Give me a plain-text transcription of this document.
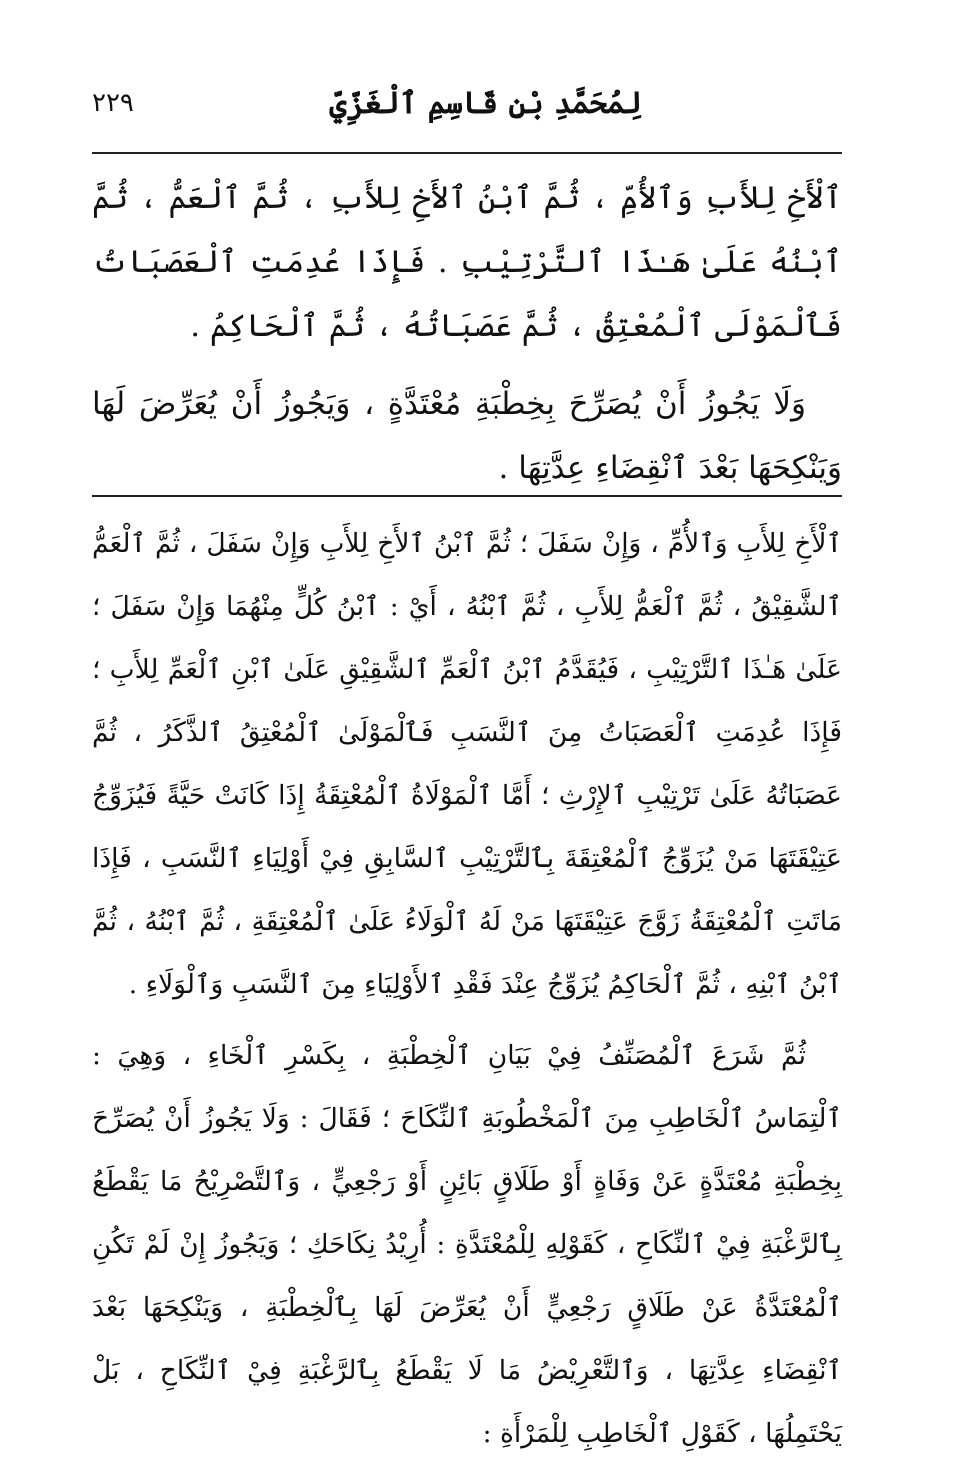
لِمُحَمَّدِ بْنِ قَاسِمِ ٱلْغَزِّيِّ
٢٢٩

ٱلْأَخِ لِلأَبِ وَٱلأُمِّ ، ثُمَّ ٱبْنُ ٱلأَخِ لِلأَبِ ، ثُمَّ ٱلْعَمُّ ، ثُمَّ ٱبْنُهُ عَلَىٰ هَـٰذَا ٱلتَّرْتِيْبِ . فَإِذَا عُدِمَتِ ٱلْعَصَبَاتُ فَٱلْمَوْلَى ٱلْمُعْتِقُ ، ثُمَّ عَصَبَاتُهُ ، ثُمَّ ٱلْحَاكِمُ .

وَلَا يَجُوزُ أَنْ يُصَرِّحَ بِخِطْبَةِ مُعْتَدَّةٍ ، وَيَجُوزُ أَنْ يُعَرِّضَ لَهَا وَيَنْكِحَهَا بَعْدَ ٱنْقِضَاءِ عِدَّتِهَا .

ٱلْأَخِ لِلأَبِ وَٱلأُمِّ ، وَإِنْ سَفَلَ ؛ ثُمَّ ٱبْنُ ٱلأَخِ لِلأَبِ وَإِنْ سَفَلَ ، ثُمَّ ٱلْعَمُّ ٱلشَّقِيْقُ ، ثُمَّ ٱلْعَمُّ لِلأَبِ ، ثُمَّ ٱبْنُهُ ، أَيْ : ٱبْنُ كُلٍّ مِنْهُمَا وَإِنْ سَفَلَ ؛ عَلَىٰ هَـٰذَا ٱلتَّرْتِيْبِ ، فَيُقَدَّمُ ٱبْنُ ٱلْعَمِّ ٱلشَّقِيْقِ عَلَىٰ ٱبْنِ ٱلْعَمِّ لِلأَبِ ؛ فَإِذَا عُدِمَتِ ٱلْعَصَبَاتُ مِنَ ٱلنَّسَبِ فَٱلْمَوْلَىٰ ٱلْمُعْتِقُ ٱلذَّكَرُ ، ثُمَّ عَصَبَاتُهُ عَلَىٰ تَرْتِيْبِ ٱلإِرْثِ ؛ أَمَّا ٱلْمَوْلَاةُ ٱلْمُعْتِقَةُ إِذَا كَانَتْ حَيَّةً فَيُزَوِّجُ عَتِيْقَتَهَا مَنْ يُزَوِّجُ ٱلْمُعْتِقَةَ بِٱلتَّرْتِيْبِ ٱلسَّابِقِ فِيْ أَوْلِيَاءِ ٱلنَّسَبِ ، فَإِذَا مَاتَتِ ٱلْمُعْتِقَةُ زَوَّجَ عَتِيْقَتَهَا مَنْ لَهُ ٱلْوَلَاءُ عَلَىٰ ٱلْمُعْتِقَةِ ، ثُمَّ ٱبْنُهُ ، ثُمَّ ٱبْنُ ٱبْنِهِ ، ثُمَّ ٱلْحَاكِمُ يُزَوِّجُ عِنْدَ فَقْدِ ٱلأَوْلِيَاءِ مِنَ ٱلنَّسَبِ وَٱلْوَلَاءِ .

ثُمَّ شَرَعَ ٱلْمُصَنِّفُ فِيْ بَيَانِ ٱلْخِطْبَةِ ، بِكَسْرِ ٱلْخَاءِ ، وَهِيَ : ٱلْتِمَاسُ ٱلْخَاطِبِ مِنَ ٱلْمَخْطُوبَةِ ٱلنِّكَاحَ ؛ فَقَالَ : وَلَا يَجُوزُ أَنْ يُصَرِّحَ بِخِطْبَةِ مُعْتَدَّةٍ عَنْ وَفَاةٍ أَوْ طَلَاقٍ بَائِنٍ أَوْ رَجْعِيٍّ ، وَٱلتَّصْرِيْحُ مَا يَقْطَعُ بِٱلرَّغْبَةِ فِيْ ٱلنِّكَاحِ ، كَقَوْلِهِ لِلْمُعْتَدَّةِ : أُرِيْدُ نِكَاحَكِ ؛ وَيَجُوزُ إِنْ لَمْ تَكُنِ ٱلْمُعْتَدَّةُ عَنْ طَلَاقٍ رَجْعِيٍّ أَنْ يُعَرِّضَ لَهَا بِٱلْخِطْبَةِ ، وَيَنْكِحَهَا بَعْدَ ٱنْقِضَاءِ عِدَّتِهَا ، وَٱلتَّعْرِيْضُ مَا لَا يَقْطَعُ بِٱلرَّغْبَةِ فِيْ ٱلنِّكَاحِ ، بَلْ يَحْتَمِلُهَا ، كَقَوْلِ ٱلْخَاطِبِ لِلْمَرْأَةِ :
